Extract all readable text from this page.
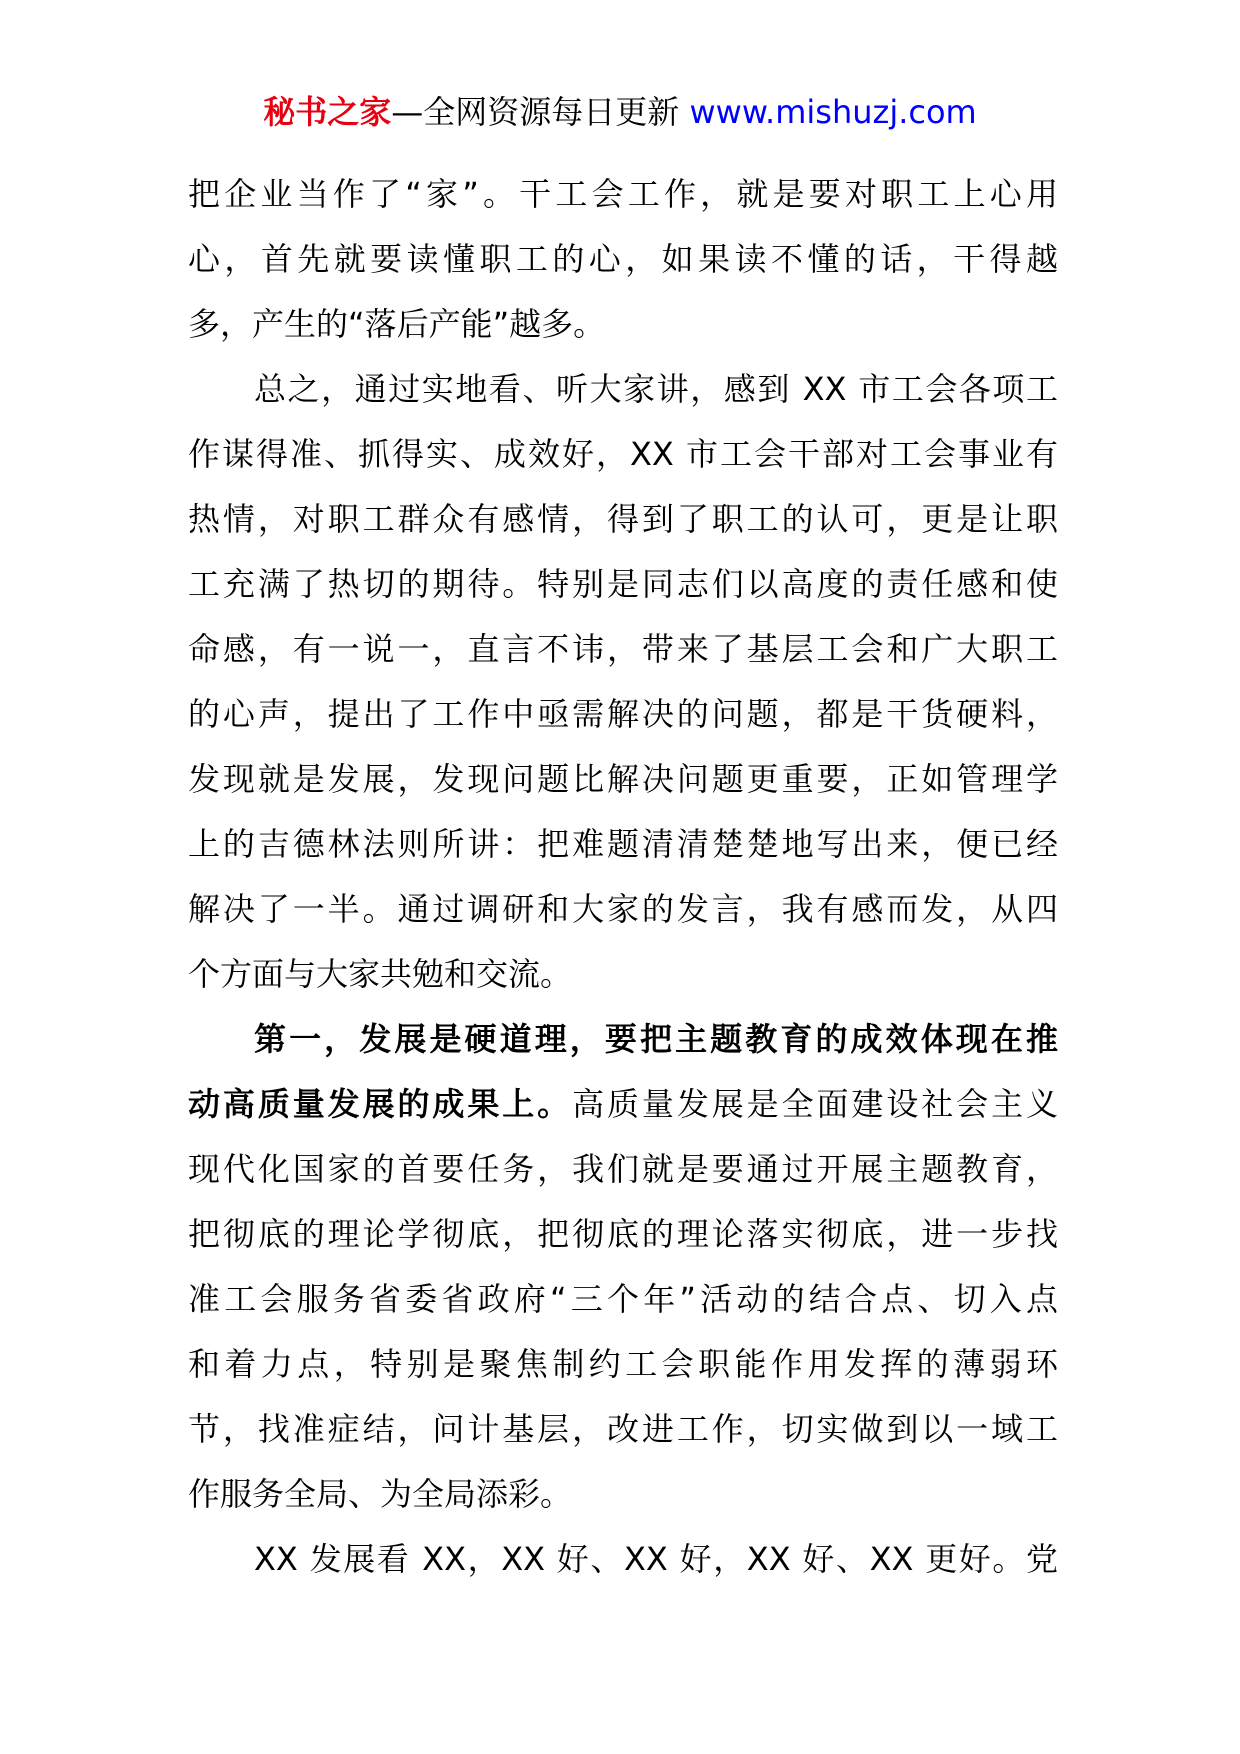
秘书之家—全网资源每日更新 www.mishuzj.com
把企业当作了“家”。干工会工作，就是要对职工上心用
心，首先就要读懂职工的心，如果读不懂的话，干得越
多，产生的“落后产能”越多。
总之，通过实地看、听大家讲，感到 XX 市工会各项工
作谋得准、抓得实、成效好，XX 市工会干部对工会事业有
热情，对职工群众有感情，得到了职工的认可，更是让职
工充满了热切的期待。特别是同志们以高度的责任感和使
命感，有一说一，直言不讳，带来了基层工会和广大职工
的心声，提出了工作中亟需解决的问题，都是干货硬料，
发现就是发展，发现问题比解决问题更重要，正如管理学
上的吉德林法则所讲：把难题清清楚楚地写出来，便已经
解决了一半。通过调研和大家的发言，我有感而发，从四
个方面与大家共勉和交流。
第一，发展是硬道理，要把主题教育的成效体现在推
动高质量发展的成果上。高质量发展是全面建设社会主义
现代化国家的首要任务，我们就是要通过开展主题教育，
把彻底的理论学彻底，把彻底的理论落实彻底，进一步找
准工会服务省委省政府“三个年”活动的结合点、切入点
和着力点，特别是聚焦制约工会职能作用发挥的薄弱环
节，找准症结，问计基层，改进工作，切实做到以一域工
作服务全局、为全局添彩。
XX 发展看 XX，XX 好、XX 好，XX 好、XX 更好。党
